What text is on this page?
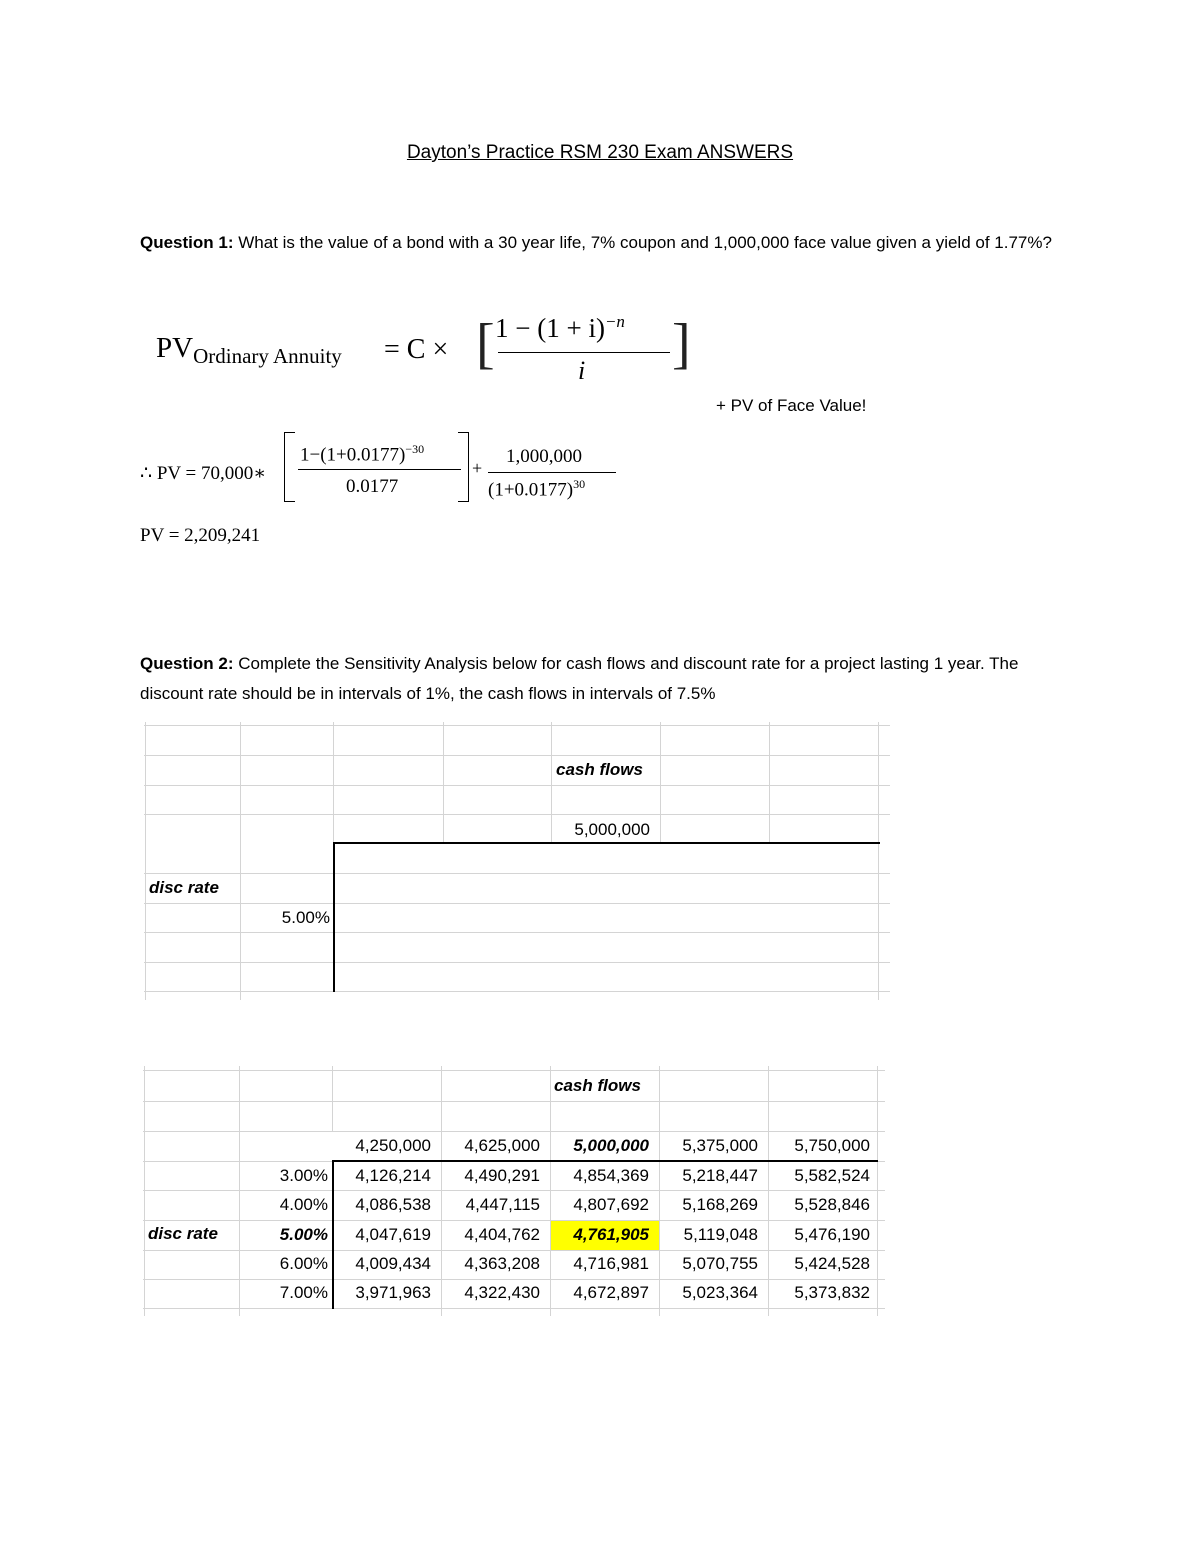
Dayton’s Practice RSM 230 Exam ANSWERS
Question 1: What is the value of a bond with a 30 year life, 7% coupon and 1,000,000 face value given a yield of 1.77%?
$PV_{Ordinary Annuity} = C$ × [ $1 - (1 + i)^{-n}$
i ]
+ PV of Face Value!
∴ PV = 70,000∗
$1-(1+0.0177)^{-30}$
0.0177
+
1,000,000
$(1+0.0177)^{30}$
PV = 2,209,241
Question 2: Complete the Sensitivity Analysis below for cash flows and discount rate for a project lasting 1 year. The discount rate should be in intervals of 1%, the cash flows in intervals of 7.5%
cash flows
5,000,000
disc rate
5.00%
cash flows
4,250,000	4,625,000	5,000,000	5,375,000	5,750,000
disc rate
3.00%	4,126,214	4,490,291	4,854,369	5,218,447	5,582,524
4.00%	4,086,538	4,447,115	4,807,692	5,168,269	5,528,846
5.00%	4,047,619	4,404,762	4,761,905	5,119,048	5,476,190
6.00%	4,009,434	4,363,208	4,716,981	5,070,755	5,424,528
7.00%	3,971,963	4,322,430	4,672,897	5,023,364	5,373,832
